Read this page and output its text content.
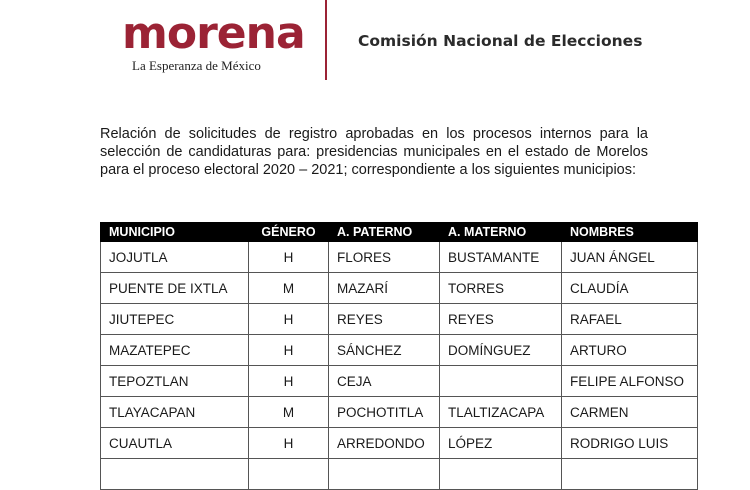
morena
La Esperanza de México
Comisión Nacional de Elecciones

Relación de solicitudes de registro aprobadas en los procesos internos para la selección de candidaturas para: presidencias municipales en el estado de Morelos para el proceso electoral 2020 – 2021; correspondiente a los siguientes municipios:

MUNICIPIO	GÉNERO	A. PATERNO	A. MATERNO	NOMBRES
JOJUTLA	H	FLORES	BUSTAMANTE	JUAN ÁNGEL
PUENTE DE IXTLA	M	MAZARÍ	TORRES	CLAUDÍA
JIUTEPEC	H	REYES	REYES	RAFAEL
MAZATEPEC	H	SÁNCHEZ	DOMÍNGUEZ	ARTURO
TEPOZTLAN	H	CEJA		FELIPE ALFONSO
TLAYACAPAN	M	POCHOTITLA	TLALTIZACAPA	CARMEN
CUAUTLA	H	ARREDONDO	LÓPEZ	RODRIGO LUIS
